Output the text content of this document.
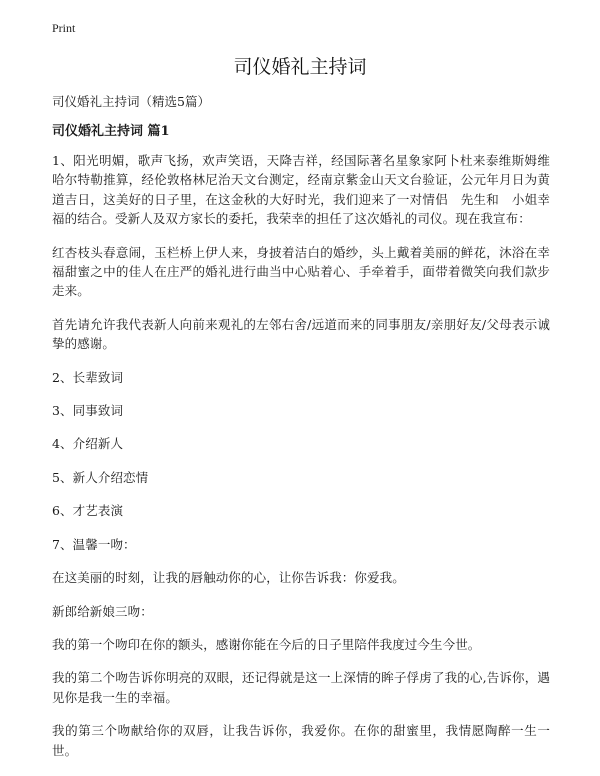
Print
司仪婚礼主持词

司仪婚礼主持词（精选5篇）

司仪婚礼主持词 篇1

1、阳光明媚，歌声飞扬，欢声笑语，天降吉祥，经国际著名星象家阿卜杜来泰维斯姆维哈尔特勒推算，经伦敦格林尼治天文台测定，经南京紫金山天文台验证，公元年月日为黄道吉日，这美好的日子里，在这金秋的大好时光，我们迎来了一对情侣　先生和　小姐幸福的结合。受新人及双方家长的委托，我荣幸的担任了这次婚礼的司仪。现在我宣布：

红杏枝头春意闹，玉栏桥上伊人来，身披着洁白的婚纱，头上戴着美丽的鲜花，沐浴在幸福甜蜜之中的佳人在庄严的婚礼进行曲当中心贴着心、手牵着手，面带着微笑向我们款步走来。

首先请允许我代表新人向前来观礼的左邻右舍/远道而来的同事朋友/亲朋好友/父母表示诚挚的感谢。

2、长辈致词

3、同事致词

4、介绍新人

5、新人介绍恋情

6、才艺表演

7、温馨一吻：

在这美丽的时刻，让我的唇触动你的心，让你告诉我：你爱我。

新郎给新娘三吻：

我的第一个吻印在你的额头，感谢你能在今后的日子里陪伴我度过今生今世。

我的第二个吻告诉你明亮的双眼，还记得就是这一上深情的眸子俘虏了我的心,告诉你，遇见你是我一生的幸福。

我的第三个吻献给你的双唇，让我告诉你，我爱你。在你的甜蜜里，我情愿陶醉一生一世。
